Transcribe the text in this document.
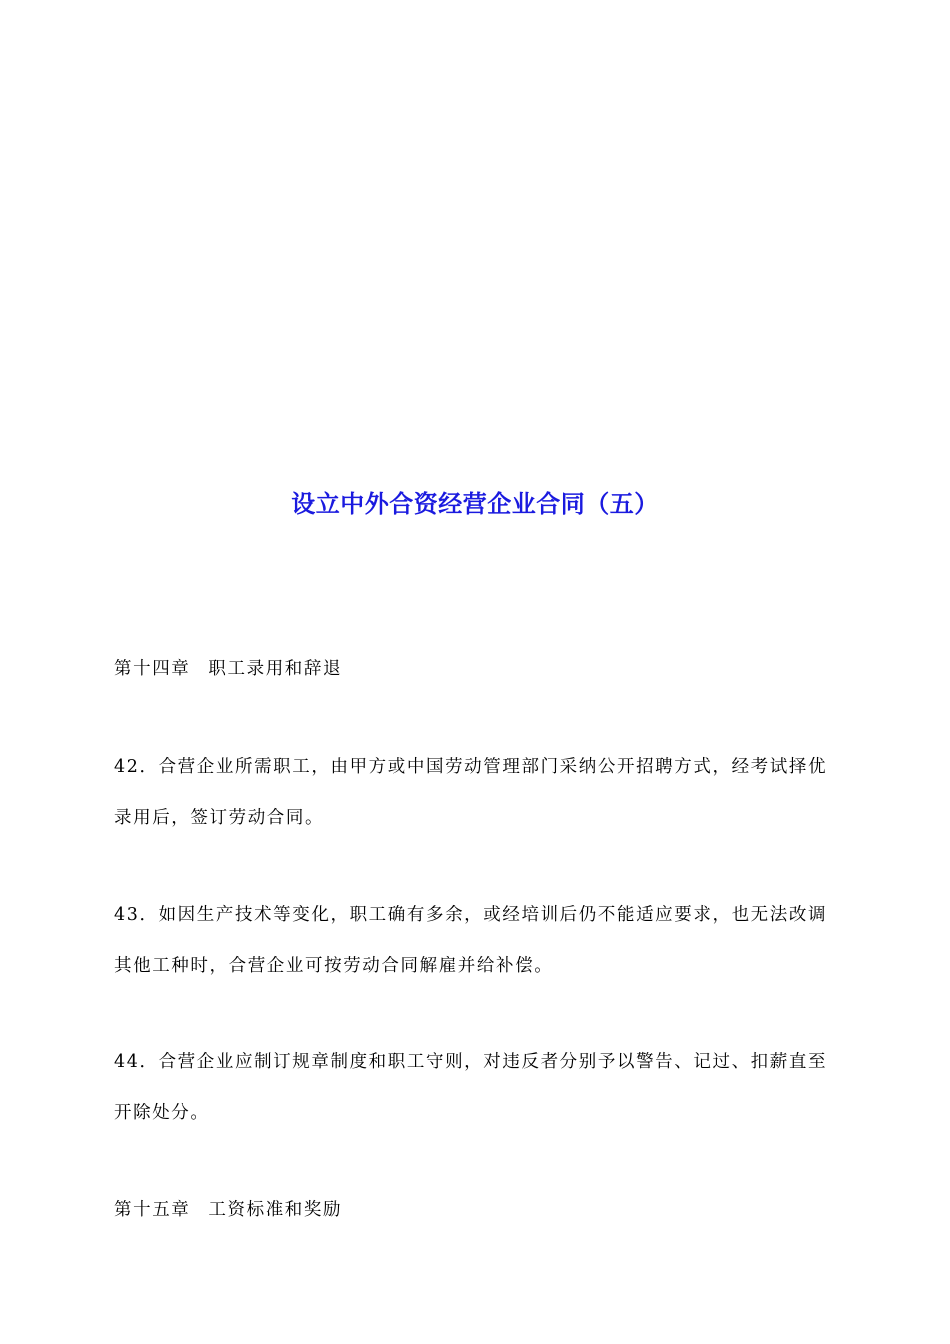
设立中外合资经营企业合同（五）

第十四章 职工录用和辞退

42．合营企业所需职工，由甲方或中国劳动管理部门采纳公开招聘方式，经考试择优
录用后，签订劳动合同。

43．如因生产技术等变化，职工确有多余，或经培训后仍不能适应要求，也无法改调
其他工种时，合营企业可按劳动合同解雇并给补偿。

44．合营企业应制订规章制度和职工守则，对违反者分别予以警告、记过、扣薪直至
开除处分。

第十五章 工资标准和奖励
